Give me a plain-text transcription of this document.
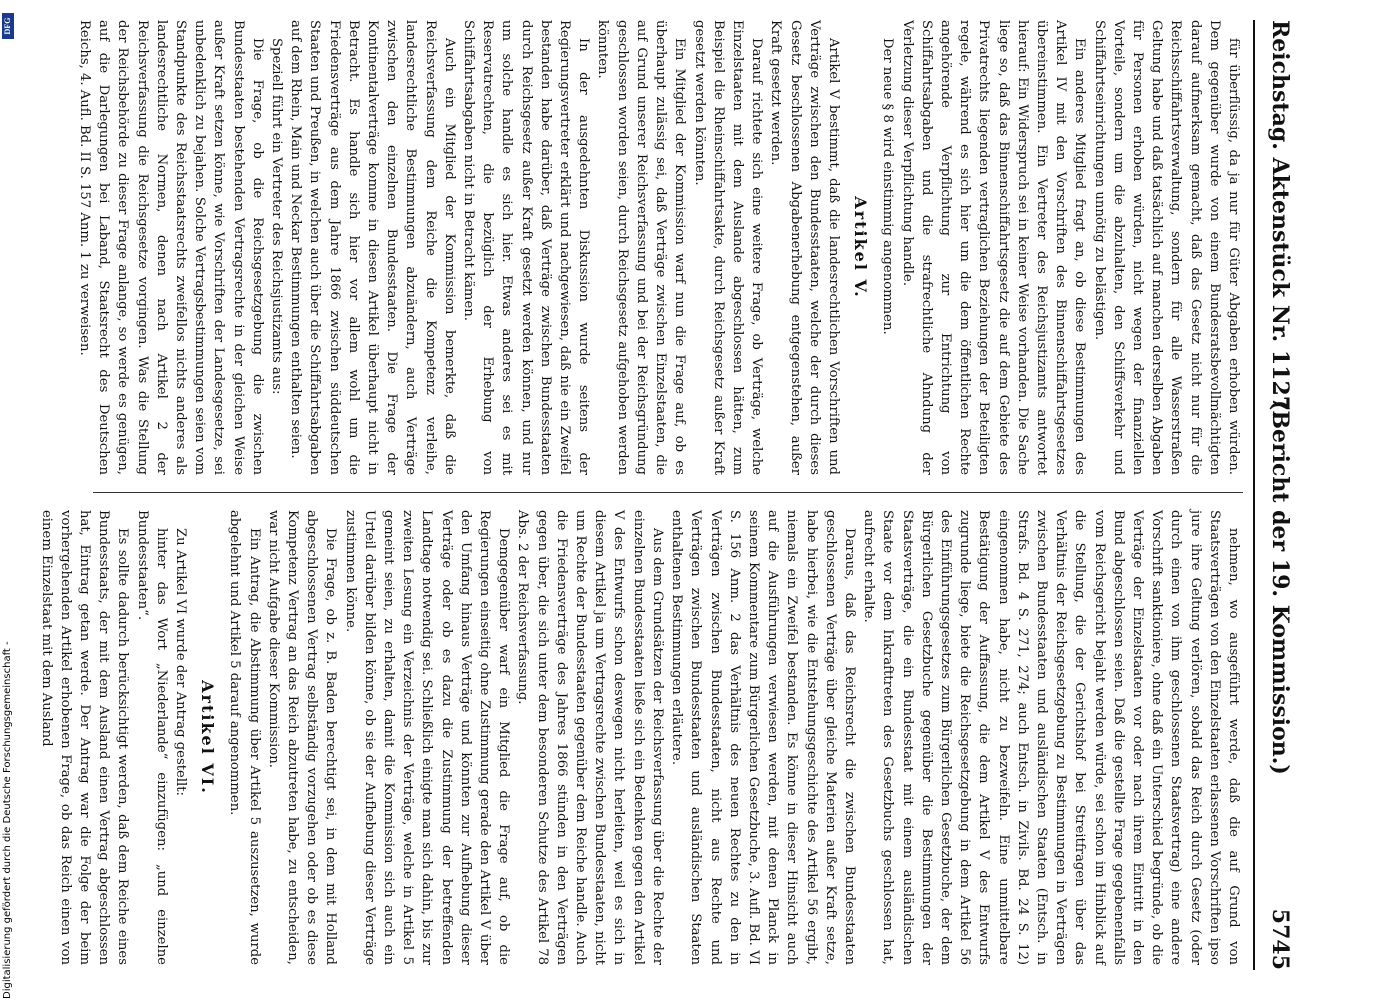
Reichstag. Aktenstück Nr. 1127.
(Bericht der 19. Kommission.)
5745

für überflüssig, da ja nur für Güter Abgaben erhoben würden. Dem gegenüber wurde von einem Bundesratsbevollmächtigten darauf aufmerksam gemacht, daß das Gesetz nicht nur für die Reichsschiffahrtsverwaltung, sondern für alle Wasserstraßen Geltung habe und daß tatsächlich auf manchen derselben Abgaben für Personen erhoben würden, nicht wegen der finanziellen Vorteile, sondern um die abzuhalten, den Schiffsverkehr und Schiffahrtseinrichtungen unnötig zu belästigen.

Ein anderes Mitglied fragt an, ob diese Bestimmungen des Artikel IV mit den Vorschriften des Binnenschiffahrtsgesetzes übereinstimmen. Ein Vertreter des Reichsjustizamts antwortet hierauf: Ein Widerspruch sei in keiner Weise vorhanden. Die Sache liege so, daß das Binnenschiffahrtsgesetz die auf dem Gebiete des Privatrechts liegenden vertraglichen Beziehungen der Beteiligten regele, während es sich hier um die dem öffentlichen Rechte angehörende Verpflichtung zur Entrichtung von Schiffahrtsabgaben und die strafrechtliche Ahndung der Verletzung dieser Verpflichtung handle.

Der neue § 8 wird einstimmig angenommen.

Artikel V.

Artikel V bestimmt, daß die landesrechtlichen Vorschriften und Verträge zwischen den Bundesstaaten, welche der durch dieses Gesetz beschlossenen Abgabenerhebung entgegenstehen, außer Kraft gesetzt werden.

Darauf richtete sich eine weitere Frage, ob Verträge, welche Einzelstaaten mit dem Auslande abgeschlossen hätten, zum Beispiel die Rheinschiffahrtsakte, durch Reichsgesetz außer Kraft gesetzt werden könnten.

Ein Mitglied der Kommission warf nun die Frage auf, ob es überhaupt zulässig sei, daß Verträge zwischen Einzelstaaten, die auf Grund unserer Reichsverfassung und bei der Reichsgründung geschlossen worden seien, durch Reichsgesetz aufgehoben werden könnten.

In der ausgedehnten Diskussion wurde seitens der Regierungsvertreter erklärt und nachgewiesen, daß nie ein Zweifel bestanden habe darüber, daß Verträge zwischen Bundesstaaten durch Reichsgesetz außer Kraft gesetzt werden können, und nur um solche handle es sich hier. Etwas anderes sei es mit Reservatrechten, die bezüglich der Erhebung von Schiffahrtsabgaben nicht in Betracht kämen.

Auch ein Mitglied der Kommission bemerkte, daß die Reichsverfassung dem Reiche die Kompetenz verleihe, landesrechtliche Bestimmungen abzuändern, auch Verträge zwischen den einzelnen Bundesstaaten. Die Frage der Kontinentalverträge komme in diesen Artikel überhaupt nicht in Betracht. Es handle sich hier vor allem wohl um die Friedensverträge aus dem Jahre 1866 zwischen süddeutschen Staaten und Preußen, in welchen auch über die Schiffahrtsabgaben auf dem Rhein, Main und Neckar Bestimmungen enthalten seien.

Speziell führt ein Vertreter des Reichsjustizamts aus:

Die Frage, ob die Reichsgesetzgebung die zwischen Bundesstaaten bestehenden Vertragsrechte in der gleichen Weise außer Kraft setzen könne, wie Vorschriften der Landesgesetze, sei unbedenklich zu bejahen. Solche Vertragsbestimmungen seien vom Standpunkte des Reichsstaatsrechts zweifellos nichts anderes als landesrechtliche Normen, denen nach Artikel 2 der Reichsverfassung die Reichsgesetze vorgingen. Was die Stellung der Reichsbehörde zu dieser Frage anlange, so werde es genügen, auf die Darlegungen bei Laband, Staatsrecht des Deutschen Reichs, 4. Aufl. Bd. II S. 157 Anm. 1 zu verweisen.

nehmen, wo ausgeführt werde, daß die auf Grund von Staatsverträgen von den Einzelstaaten erlassenen Vorschriften ipso jure ihre Geltung verlören, sobald das Reich durch Gesetz (oder durch einen von ihm geschlossenen Staatsvertrag) eine andere Vorschrift sanktioniere, ohne daß ein Unterschied begründe, ob die Verträge der Einzelstaaten vor oder nach ihrem Eintritt in den Bund abgeschlossen seien. Daß die gestellte Frage gegebenenfalls vom Reichsgericht bejaht werden würde, sei schon im Hinblick auf die Stellung, die der Gerichtshof bei Streitfragen über das Verhältnis der Reichsgesetzgebung zu Bestimmungen in Verträgen zwischen Bundesstaaten und ausländischen Staaten (Entsch. in Strafs. Bd. 4 S. 271, 274; auch Entsch. in Zivils. Bd. 24 S. 12) eingenommen habe, nicht zu bezweifeln. Eine unmittelbare Bestätigung der Auffassung, die dem Artikel V des Entwurfs zugrunde liege, biete die Reichsgesetzgebung in dem Artikel 56 des Einführungsgesetzes zum Bürgerlichen Gesetzbuche, der dem Bürgerlichen Gesetzbuche gegenüber die Bestimmungen der Staatsverträge, die ein Bundesstaat mit einem ausländischen Staate vor dem Inkrafttreten des Gesetzbuchs geschlossen hat, aufrecht erhalte.

Daraus, daß das Reichsrecht die zwischen Bundesstaaten geschlossenen Verträge über gleiche Materien außer Kraft setze, habe hierbei, wie die Entstehungsgeschichte des Artikel 56 ergibt, niemals ein Zweifel bestanden. Es könne in dieser Hinsicht auch auf die Ausführungen verwiesen werden, mit denen Planck in seinem Kommentare zum Bürgerlichen Gesetzbuche, 3. Aufl. Bd. VI S. 156 Anm. 2 das Verhältnis des neuen Rechtes zu den in Verträgen zwischen Bundesstaaten, nicht aus Rechte und Verträgen zwischen Bundesstaaten und ausländischen Staaten enthaltenen Bestimmungen erläutere.

Aus dem Grundsätzen der Reichsverfassung über die Rechte der einzelnen Bundesstaaten ließe sich ein Bedenken gegen den Artikel V des Entwurfs schon deswegen nicht herleiten, weil es sich in diesem Artikel ja um Vertragsrechte zwischen Bundesstaaten, nicht um Rechte der Bundesstaaten gegenüber dem Reiche handle. Auch die Friedensverträge des Jahres 1866 stünden in den Verträgen gegen über, die sich unter dem besonderen Schutze des Artikel 78 Abs. 2 der Reichsverfassung.

Demgegenüber warf ein Mitglied die Frage auf, ob die Regierungen einseitig ohne Zustimmung gerade den Artikel V über den Umfang hinaus Verträge und könnten zur Aufhebung dieser Verträge oder ob es dazu die Zustimmung der betreffenden Landtage notwendig sei. Schließlich einigte man sich dahin, bis zur zweiten Lesung ein Verzeichnis der Verträge, welche in Artikel 5 gemeint seien, zu erhalten, damit die Kommission sich auch ein Urteil darüber bilden könne, ob sie der Aufhebung dieser Verträge zustimmen könne.

Die Frage, ob z. B. Baden berechtigt sei, in dem mit Holland abgeschlossenen Vertrag selbständig vorzugehen oder ob es diese Kompetenz Vertrag an das Reich abzutreten habe, zu entscheiden, war nicht Aufgabe dieser Kommission.

Ein Antrag, die Abstimmung über Artikel 5 auszusetzen, wurde abgelehnt und Artikel 5 darauf angenommen.

Artikel VI.

Zu Artikel VI wurde der Antrag gestellt:

hinter das Wort „Niederlande“ einzufügen: „und einzelne Bundesstaaten“.

Es sollte dadurch berücksichtigt werden, daß dem Reiche eines Bundesstaats, der mit dem Ausland einen Vertrag abgeschlossen hat, Eintrag getan werde. Der Antrag war die Folge der beim vorhergehenden Artikel erhobenen Frage, ob das Reich einen von einem Einzelstaat mit dem Ausland

Digitalisierung gefördert durch die Deutsche Forschungsgemeinschaft -
DFG
